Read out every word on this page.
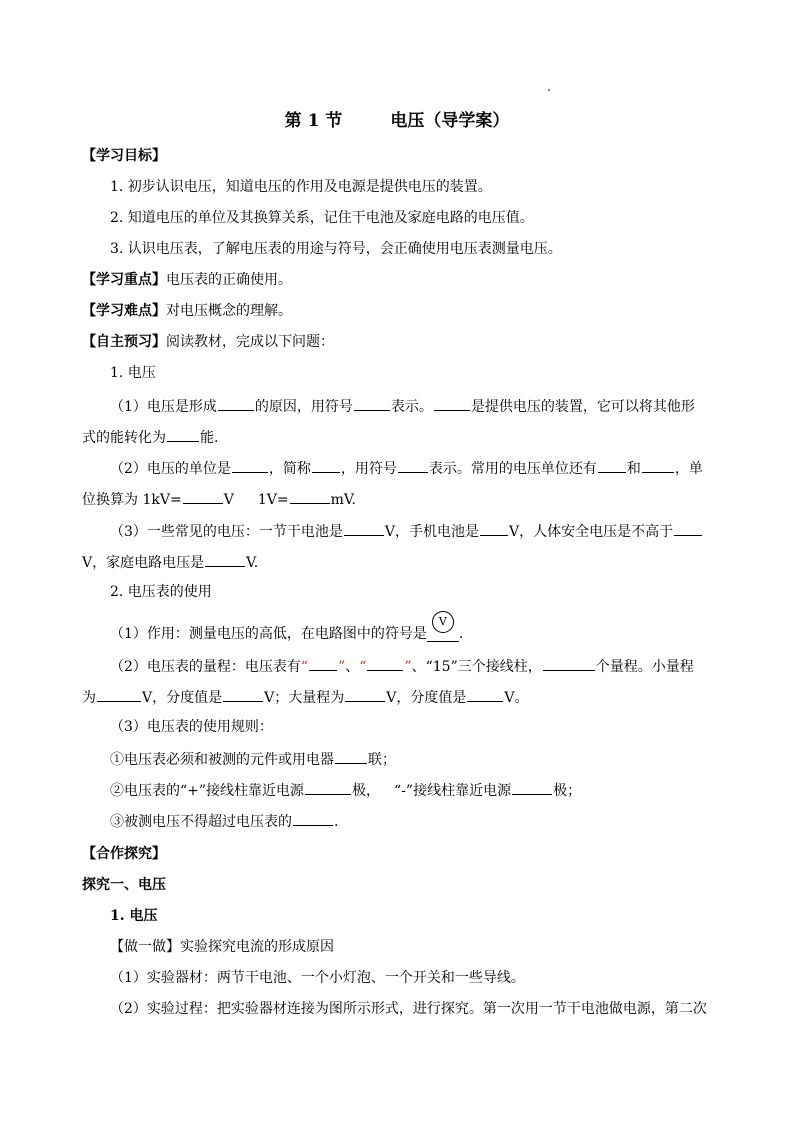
第 1 节	电压（导学案）
【学习目标】
1. 初步认识电压，知道电压的作用及电源是提供电压的装置。
2. 知道电压的单位及其换算关系，记住干电池及家庭电路的电压值。
3. 认识电压表，了解电压表的用途与符号，会正确使用电压表测量电压。
【学习重点】电压表的正确使用。
【学习难点】对电压概念的理解。
【自主预习】阅读教材，完成以下问题：
1. 电压
（1）电压是形成	的原因，用符号	表示。	是提供电压的装置，它可以将其他形
式的能转化为 能.
（2）电压的单位是	，简称 ，用符号 表示。常用的电压单位还有 和 ，单
位换算为 1kV=	V 1V=	mV.
（3）一些常见的电压：一节干电池是	V，手机电池是 V，人体安全电压是不高于
V，家庭电路电压是	V.
2. 电压表的使用
（1）作用：测量电压的高低，在电路图中的符号是
V
.
（2）电压表的量程：电压表有“ ”、“	”、“15”三个接线柱，	个量程。小量程
为	V，分度值是	V；大量程为	V，分度值是	V。
（3）电压表的使用规则：
①电压表必须和被测的元件或用电器 联；
②电压表的“+”接线柱靠近电源	极， “-”接线柱靠近电源	极；
③被测电压不得超过电压表的	.
【合作探究】
探究一、电压
1. 电压
【做一做】实验探究电流的形成原因
（1）实验器材：两节干电池、一个小灯泡、一个开关和一些导线。
（2）实验过程：把实验器材连接为图所示形式，进行探究。第一次用一节干电池做电源，第二次
